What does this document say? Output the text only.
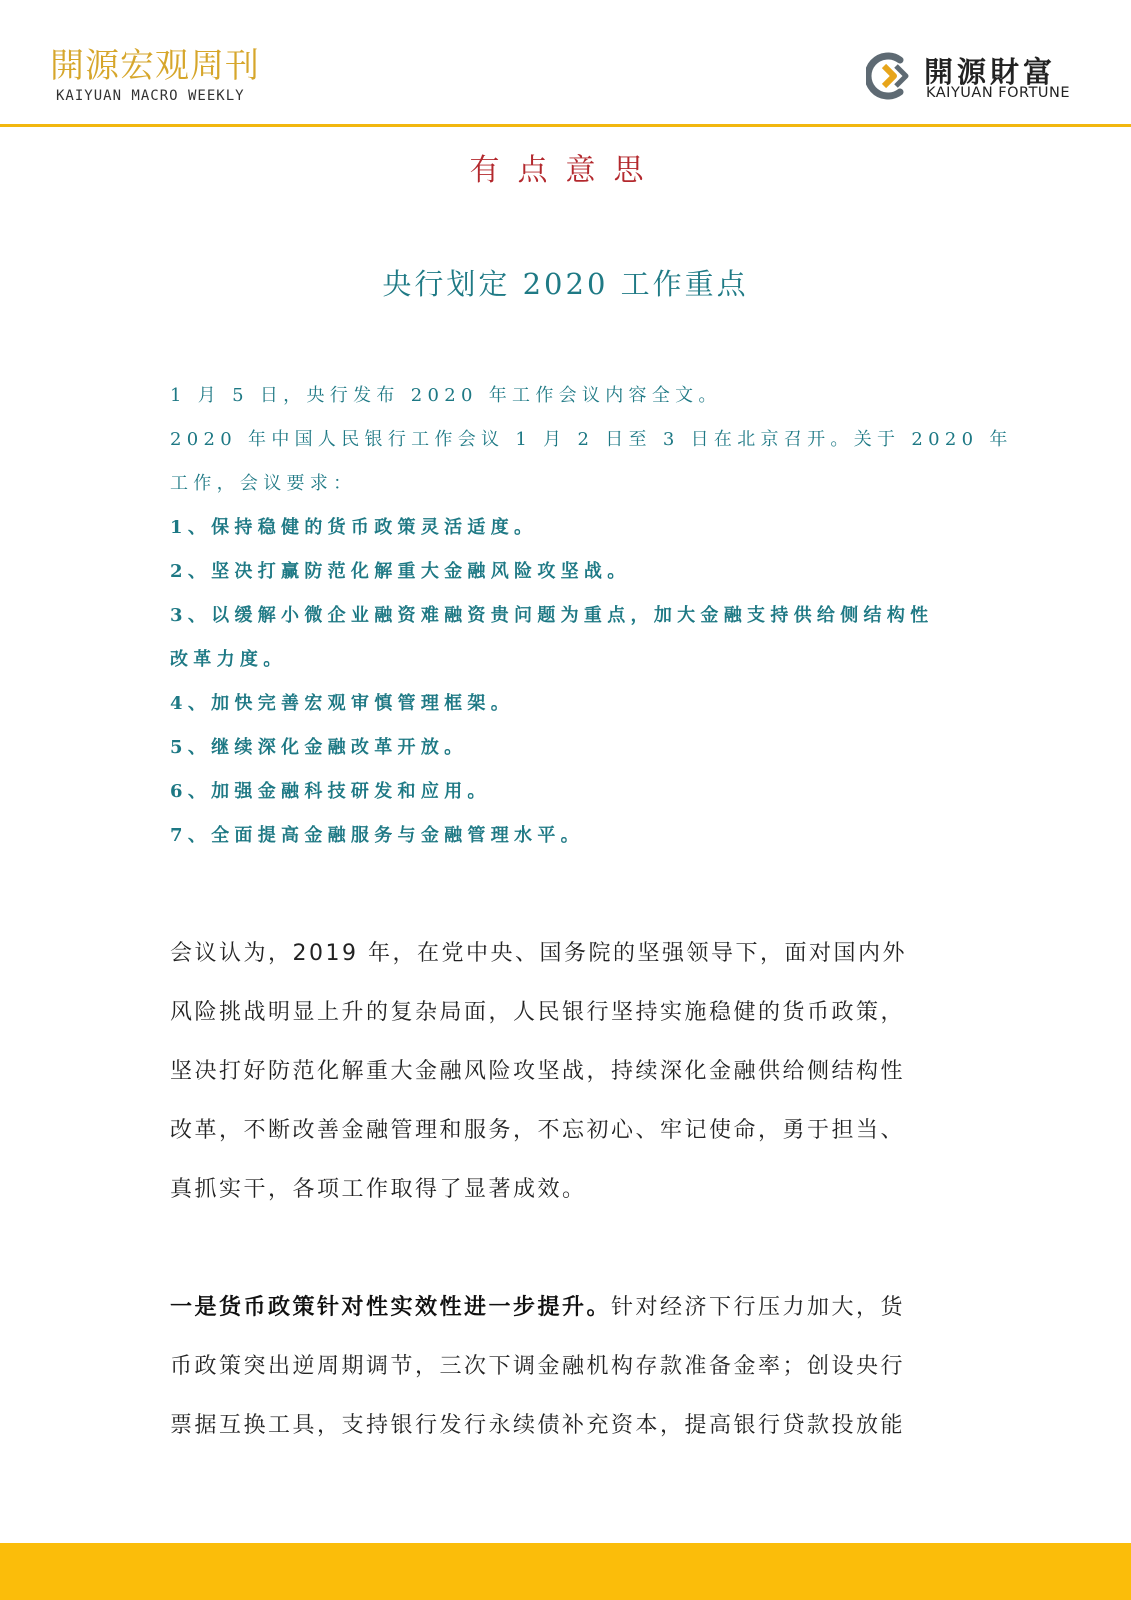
開源宏观周刊
KAIYUAN MACRO WEEKLY
開源財富
KAIYUAN FORTUNE
有点意思
央行划定 2020 工作重点
1 月 5 日，央行发布 2020 年工作会议内容全文。
2020 年中国人民银行工作会议 1 月 2 日至 3 日在北京召开。关于 2020 年
工作，会议要求：
1、保持稳健的货币政策灵活适度。
2、坚决打赢防范化解重大金融风险攻坚战。
3、以缓解小微企业融资难融资贵问题为重点，加大金融支持供给侧结构性
改革力度。
4、加快完善宏观审慎管理框架。
5、继续深化金融改革开放。
6、加强金融科技研发和应用。
7、全面提高金融服务与金融管理水平。
会议认为，2019 年，在党中央、国务院的坚强领导下，面对国内外
风险挑战明显上升的复杂局面，人民银行坚持实施稳健的货币政策，
坚决打好防范化解重大金融风险攻坚战，持续深化金融供给侧结构性
改革，不断改善金融管理和服务，不忘初心、牢记使命，勇于担当、
真抓实干，各项工作取得了显著成效。
一是货币政策针对性实效性进一步提升。针对经济下行压力加大，货
币政策突出逆周期调节，三次下调金融机构存款准备金率；创设央行
票据互换工具，支持银行发行永续债补充资本，提高银行贷款投放能
